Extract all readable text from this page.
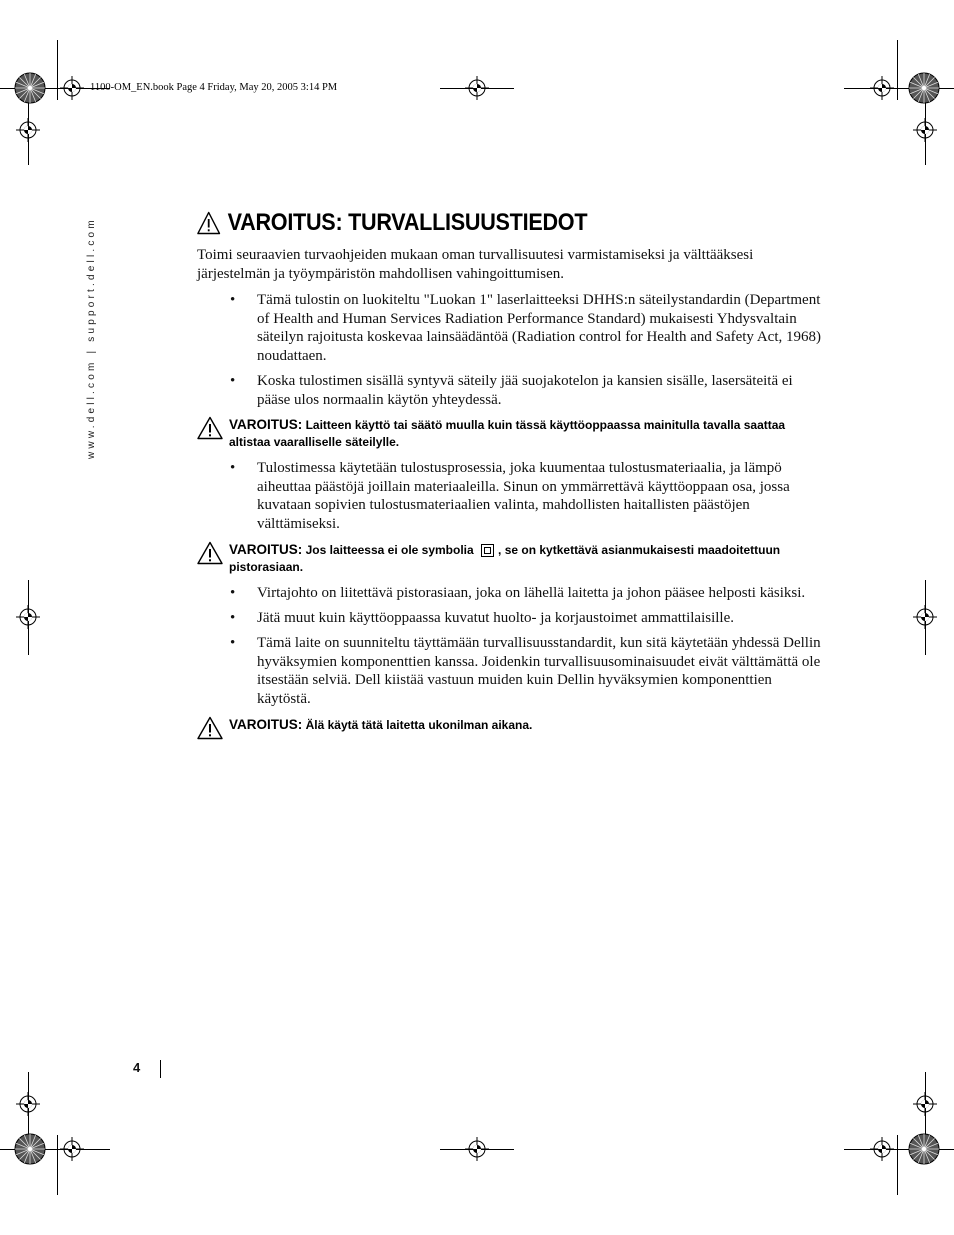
1100-OM_EN.book Page 4 Friday, May 20, 2005 3:14 PM
www.dell.com | support.dell.com	VAROITUS: TURVALLISUUSTIEDOT
Toimi seuraavien turvaohjeiden mukaan oman turvallisuutesi varmistamiseksi ja välttääksesi järjestelmän ja työympäristön mahdollisen vahingoittumisen.
• Tämä tulostin on luokiteltu "Luokan 1" laserlaitteeksi DHHS:n säteilystandardin (Department of Health and Human Services Radiation Performance Standard) mukaisesti Yhdysvaltain säteilyn rajoitusta koskevaa lainsäädäntöä (Radiation control for Health and Safety Act, 1968) noudattaen.
• Koska tulostimen sisällä syntyvä säteily jää suojakotelon ja kansien sisälle, lasersäteitä ei pääse ulos normaalin käytön yhteydessä.
VAROITUS: Laitteen käyttö tai säätö muulla kuin tässä käyttöoppaassa mainitulla tavalla saattaa altistaa vaaralliselle säteilylle.
• Tulostimessa käytetään tulostusprosessia, joka kuumentaa tulostusmateriaalia, ja lämpö aiheuttaa päästöjä joillain materiaaleilla. Sinun on ymmärrettävä käyttöoppaan osa, jossa kuvataan sopivien tulostusmateriaalien valinta, mahdollisten haitallisten päästöjen välttämiseksi.
VAROITUS: Jos laitteessa ei ole symbolia , se on kytkettävä asianmukaisesti maadoitettuun pistorasiaan.
• Virtajohto on liitettävä pistorasiaan, joka on lähellä laitetta ja johon pääsee helposti käsiksi.
• Jätä muut kuin käyttöoppaassa kuvatut huolto- ja korjaustoimet ammattilaisille.
• Tämä laite on suunniteltu täyttämään turvallisuusstandardit, kun sitä käytetään yhdessä Dellin hyväksymien komponenttien kanssa. Joidenkin turvallisuusominaisuudet eivät välttämättä ole itsestään selviä. Dell kiistää vastuun muiden kuin Dellin hyväksymien komponenttien käytöstä.
VAROITUS: Älä käytä tätä laitetta ukonilman aikana.
4
